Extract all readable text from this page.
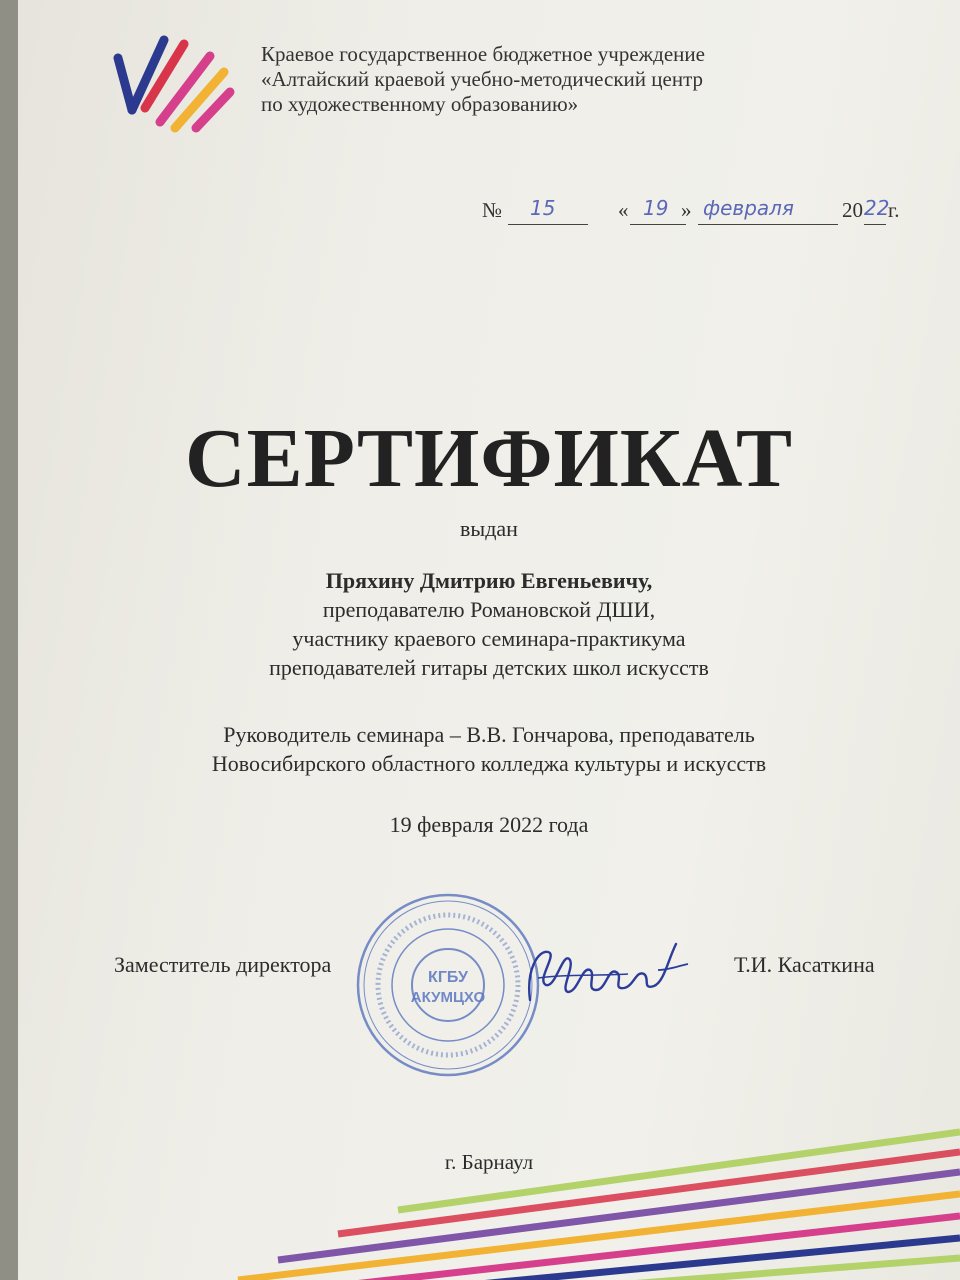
Краевое государственное бюджетное учреждение
«Алтайский краевой учебно-методический центр
по художественному образованию»
№ 15	« 19 » февраля 20 22
г.
СЕРТИФИКАТ
выдан
Пряхину Дмитрию Евгеньевичу,
преподавателю Романовской ДШИ,
участнику краевого семинара-практикума
преподавателей гитары детских школ искусств
Руководитель семинара – В.В. Гончарова, преподаватель
Новосибирского областного колледжа культуры и искусств
19 февраля 2022 года
Заместитель директора	Т.И. Касаткина
КГБУ
АКУМЦХО
г. Барнаул
